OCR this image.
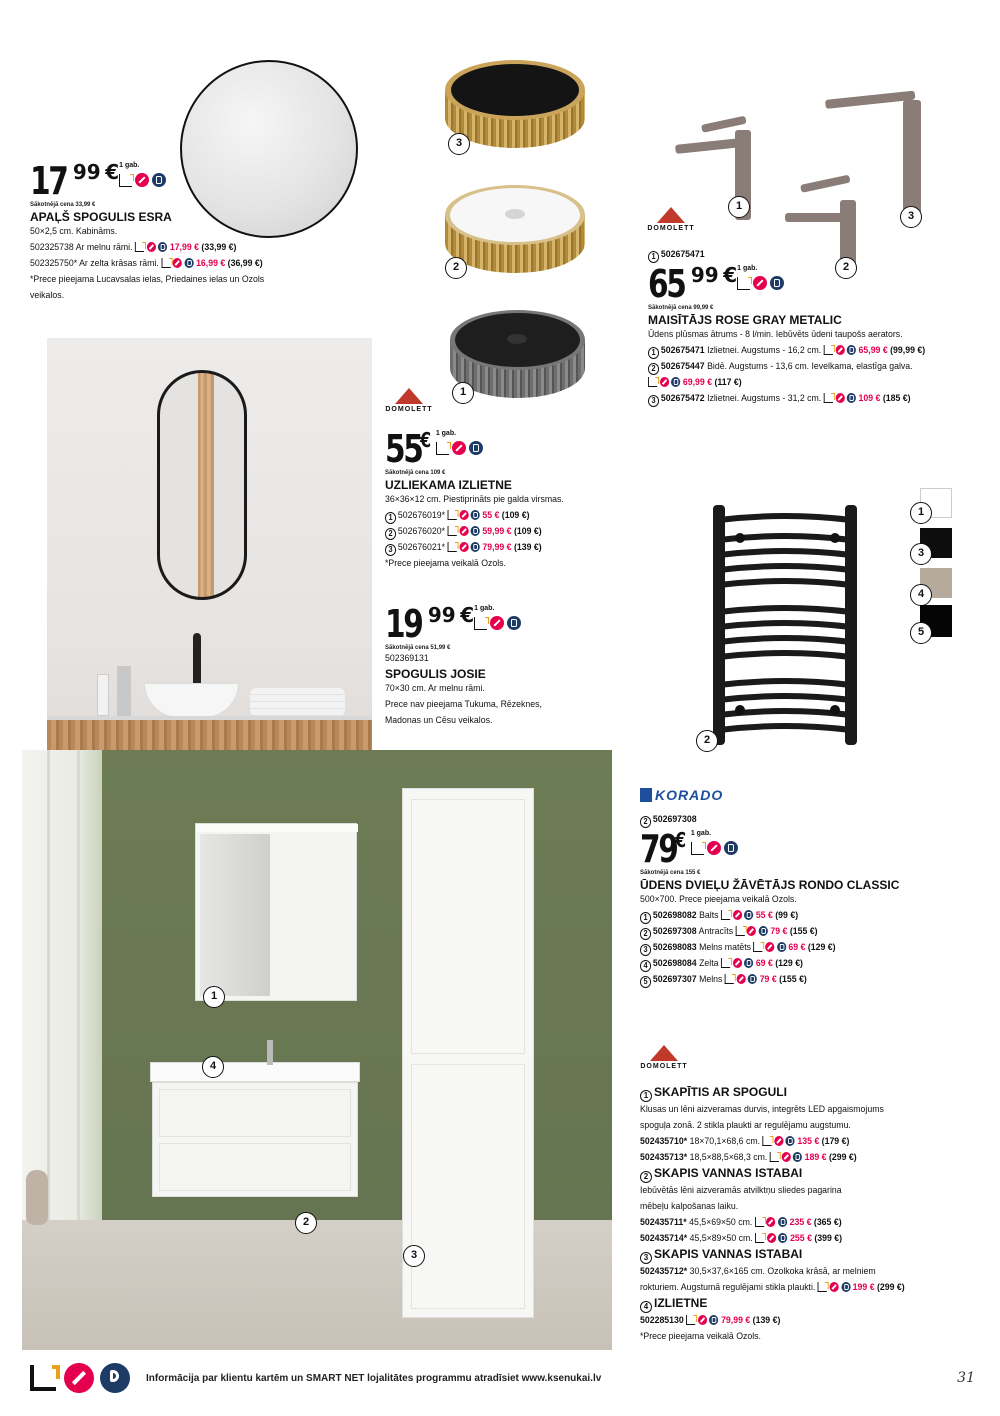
17 99 € 1 gab.
Sākotnējā cena 33,99 €
APAĻŠ SPOGULIS ESRA
50×2,5 cm. Kabināms.
502325738 Ar melnu rāmi.	17,99 € (33,99 €)
502325750* Ar zelta krāsas rāmi.	16,99 € (36,99 €)
*Prece pieejama Lucavsalas ielas, Priedaines ielas un Ozols
veikalos.
3
2
1
1
3
2
DOMOLETT
1 502675471
65 99 € 1 gab.
Sākotnējā cena 99,99 €
MAISĪTĀJS ROSE GRAY METALIC
Ūdens plūsmas ātrums - 8 l/min. Iebūvēts ūdeni taupošs aerators.
1 502675471 Izlietnei. Augstums - 16,2 cm.	65,99 € (99,99 €)
2 502675447 Bidē. Augstums - 13,6 cm. Ievelkama, elastīga galva.
69,99 € (117 €)
3 502675472 Izlietnei. Augstums - 31,2 cm.	109 € (185 €)
DOMOLETT
55
€ 1 gab.
Sākotnējā cena 109 €
UZLIEKAMA IZLIETNE
36×36×12 cm. Piestiprināts pie galda virsmas.
1 502676019*	55 € (109 €)
2 502676020*	59,99 € (109 €)
3 502676021*	79,99 € (139 €)
*Prece pieejama veikalā Ozols.
19 99 € 1 gab.
Sākotnējā cena 51,99 €
502369131
SPOGULIS JOSIE
70×30 cm. Ar melnu rāmi.
Prece nav pieejama Tukuma, Rēzeknes,
Madonas un Cēsu veikalos.
2
1
3
4
5
KORADO
2 502697308
79
€ 1 gab.
Sākotnējā cena 155 €
ŪDENS DVIEĻU ŽĀVĒTĀJS RONDO CLASSIC
500×700. Prece pieejama veikalā Ozols.
1 502698082 Balts	55 € (99 €)
2 502697308 Antracīts	79 € (155 €)
3 502698083 Melns matēts	69 € (129 €)
4 502698084 Zelta	69 € (129 €)
5 502697307 Melns	79 € (155 €)
1
4
2
3
DOMOLETT
1 SKAPĪTIS AR SPOGULI
Klusas un lēni aizveramas durvis, integrēts LED apgaismojums
spoguļa zonā. 2 stikla plaukti ar regulējamu augstumu.
502435710* 18×70,1×68,6 cm.	135 € (179 €)
502435713* 18,5×88,5×68,3 cm.	189 € (299 €)
2 SKAPIS VANNAS ISTABAI
Iebūvētās lēni aizveramās atvilktņu sliedes pagarina
mēbeļu kalpošanas laiku.
502435711* 45,5×69×50 cm.	235 € (365 €)
502435714* 45,5×89×50 cm.	255 € (399 €)
3 SKAPIS VANNAS ISTABAI
502435712* 30,5×37,6×165 cm. Ozolkoka krāsā, ar melniem
rokturiem. Augstumā regulējami stikla plaukti.	199 € (299 €)
4 IZLIETNE
502285130	79,99 € (139 €)
*Prece pieejama veikalā Ozols.
Informācija par klientu kartēm un SMART NET lojalitātes programmu atradīsiet www.ksenukai.lv	31
